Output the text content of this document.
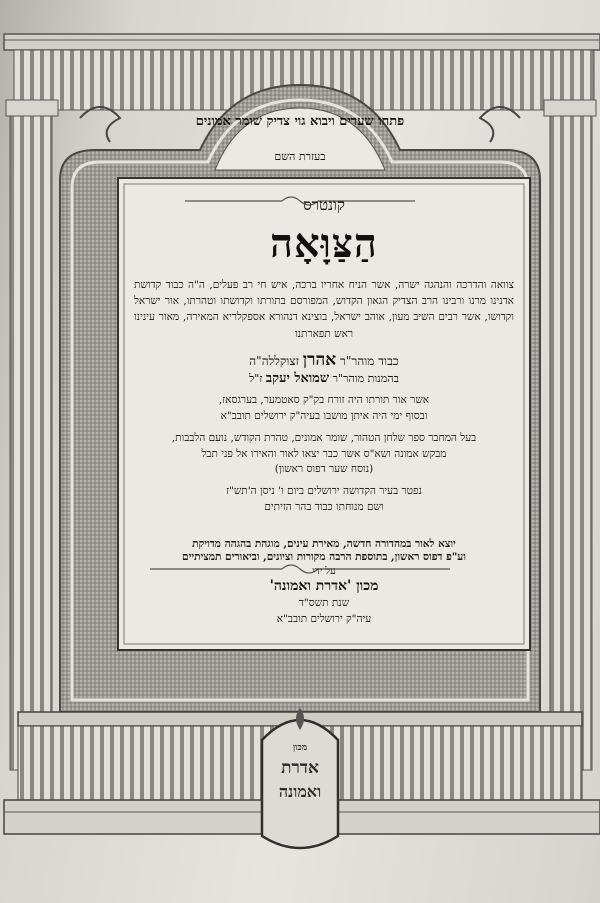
פתחו שערים ויבוא גוי צדיק שומר אמונים
בעזרת השם
קונטרס
הַצַּוָּאָה
צוואה והדרכה והנהגה ישרה, אשר הניח אחריו ברכה, איש חי רב פעלים, ה"ה כבוד קדושת אדנינו מרנו ורבינו הרב הצדיק הגאון הקדוש, המפורסם בתורתו וקדושתו וטהרתו, אור ישראל וקדושו, אשר רבים השיב מעון, אוהב ישראל, בוצינא דנהורא אספקלריא המאירה, מאור עינינו ראש תפארתנו
כבוד מוהר"ר אהרן זצוקללה"ה
בהמנות מוהר"ר שמואל יעקב ז"ל
אשר אור תורתו היה זורח בק"ק סאטמער, בערגסאז,
ובסוף ימי היה איתן מושבו בעיה"ק ירושלים תובב"א
בעל המחבר ספר שלחן הטהור, שומר אמונים, טהרת הקודש, נועם הלבבות,
מבקש אמונה ושא"ס אשר כבר יצאו לאור והאירו אל פני תבל
(נוסח שער דפוס ראשון)
נפטר בעיר הקדושה ירושלים ביום ו' ניסן ה'תש"ז
ושם מנוחתו כבוד בהר הזיתים
יוצא לאור במהדורה חדשה, מאירת עינים, מוגהת בהגהה מדויקת
וע"פ דפוס ראשון, בתוספת הרבה מקורות וציונים, וביאורים תמציתיים
על ידי
מכון 'אדרת ואמונה'
שנת תשס"ד
עיה"ק ירושלים תובב"א
מכון
אדרת
ואמונה
